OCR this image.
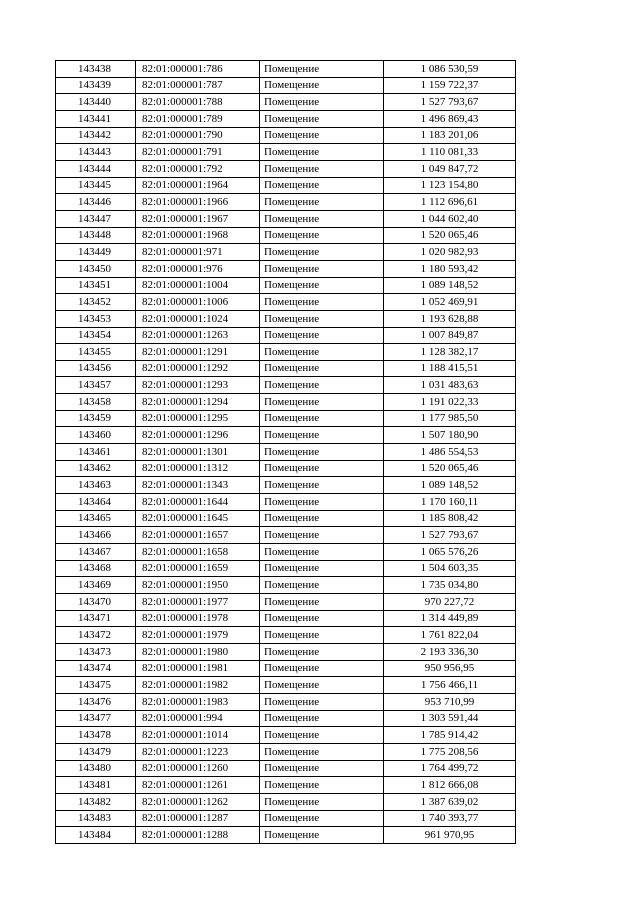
143438	82:01:000001:786	Помещение	1 086 530,59
143439	82:01:000001:787	Помещение	1 159 722,37
143440	82:01:000001:788	Помещение	1 527 793,67
143441	82:01:000001:789	Помещение	1 496 869,43
143442	82:01:000001:790	Помещение	1 183 201,06
143443	82:01:000001:791	Помещение	1 110 081,33
143444	82:01:000001:792	Помещение	1 049 847,72
143445	82:01:000001:1964	Помещение	1 123 154,80
143446	82:01:000001:1966	Помещение	1 112 696,61
143447	82:01:000001:1967	Помещение	1 044 602,40
143448	82:01:000001:1968	Помещение	1 520 065,46
143449	82:01:000001:971	Помещение	1 020 982,93
143450	82:01:000001:976	Помещение	1 180 593,42
143451	82:01:000001:1004	Помещение	1 089 148,52
143452	82:01:000001:1006	Помещение	1 052 469,91
143453	82:01:000001:1024	Помещение	1 193 628,88
143454	82:01:000001:1263	Помещение	1 007 849,87
143455	82:01:000001:1291	Помещение	1 128 382,17
143456	82:01:000001:1292	Помещение	1 188 415,51
143457	82:01:000001:1293	Помещение	1 031 483,63
143458	82:01:000001:1294	Помещение	1 191 022,33
143459	82:01:000001:1295	Помещение	1 177 985,50
143460	82:01:000001:1296	Помещение	1 507 180,90
143461	82:01:000001:1301	Помещение	1 486 554,53
143462	82:01:000001:1312	Помещение	1 520 065,46
143463	82:01:000001:1343	Помещение	1 089 148,52
143464	82:01:000001:1644	Помещение	1 170 160,11
143465	82:01:000001:1645	Помещение	1 185 808,42
143466	82:01:000001:1657	Помещение	1 527 793,67
143467	82:01:000001:1658	Помещение	1 065 576,26
143468	82:01:000001:1659	Помещение	1 504 603,35
143469	82:01:000001:1950	Помещение	1 735 034,80
143470	82:01:000001:1977	Помещение	970 227,72
143471	82:01:000001:1978	Помещение	1 314 449,89
143472	82:01:000001:1979	Помещение	1 761 822,04
143473	82:01:000001:1980	Помещение	2 193 336,30
143474	82:01:000001:1981	Помещение	950 956,95
143475	82:01:000001:1982	Помещение	1 756 466,11
143476	82:01:000001:1983	Помещение	953 710,99
143477	82:01:000001:994	Помещение	1 303 591,44
143478	82:01:000001:1014	Помещение	1 785 914,42
143479	82:01:000001:1223	Помещение	1 775 208,56
143480	82:01:000001:1260	Помещение	1 764 499,72
143481	82:01:000001:1261	Помещение	1 812 666,08
143482	82:01:000001:1262	Помещение	1 387 639,02
143483	82:01:000001:1287	Помещение	1 740 393,77
143484	82:01:000001:1288	Помещение	961 970,95
